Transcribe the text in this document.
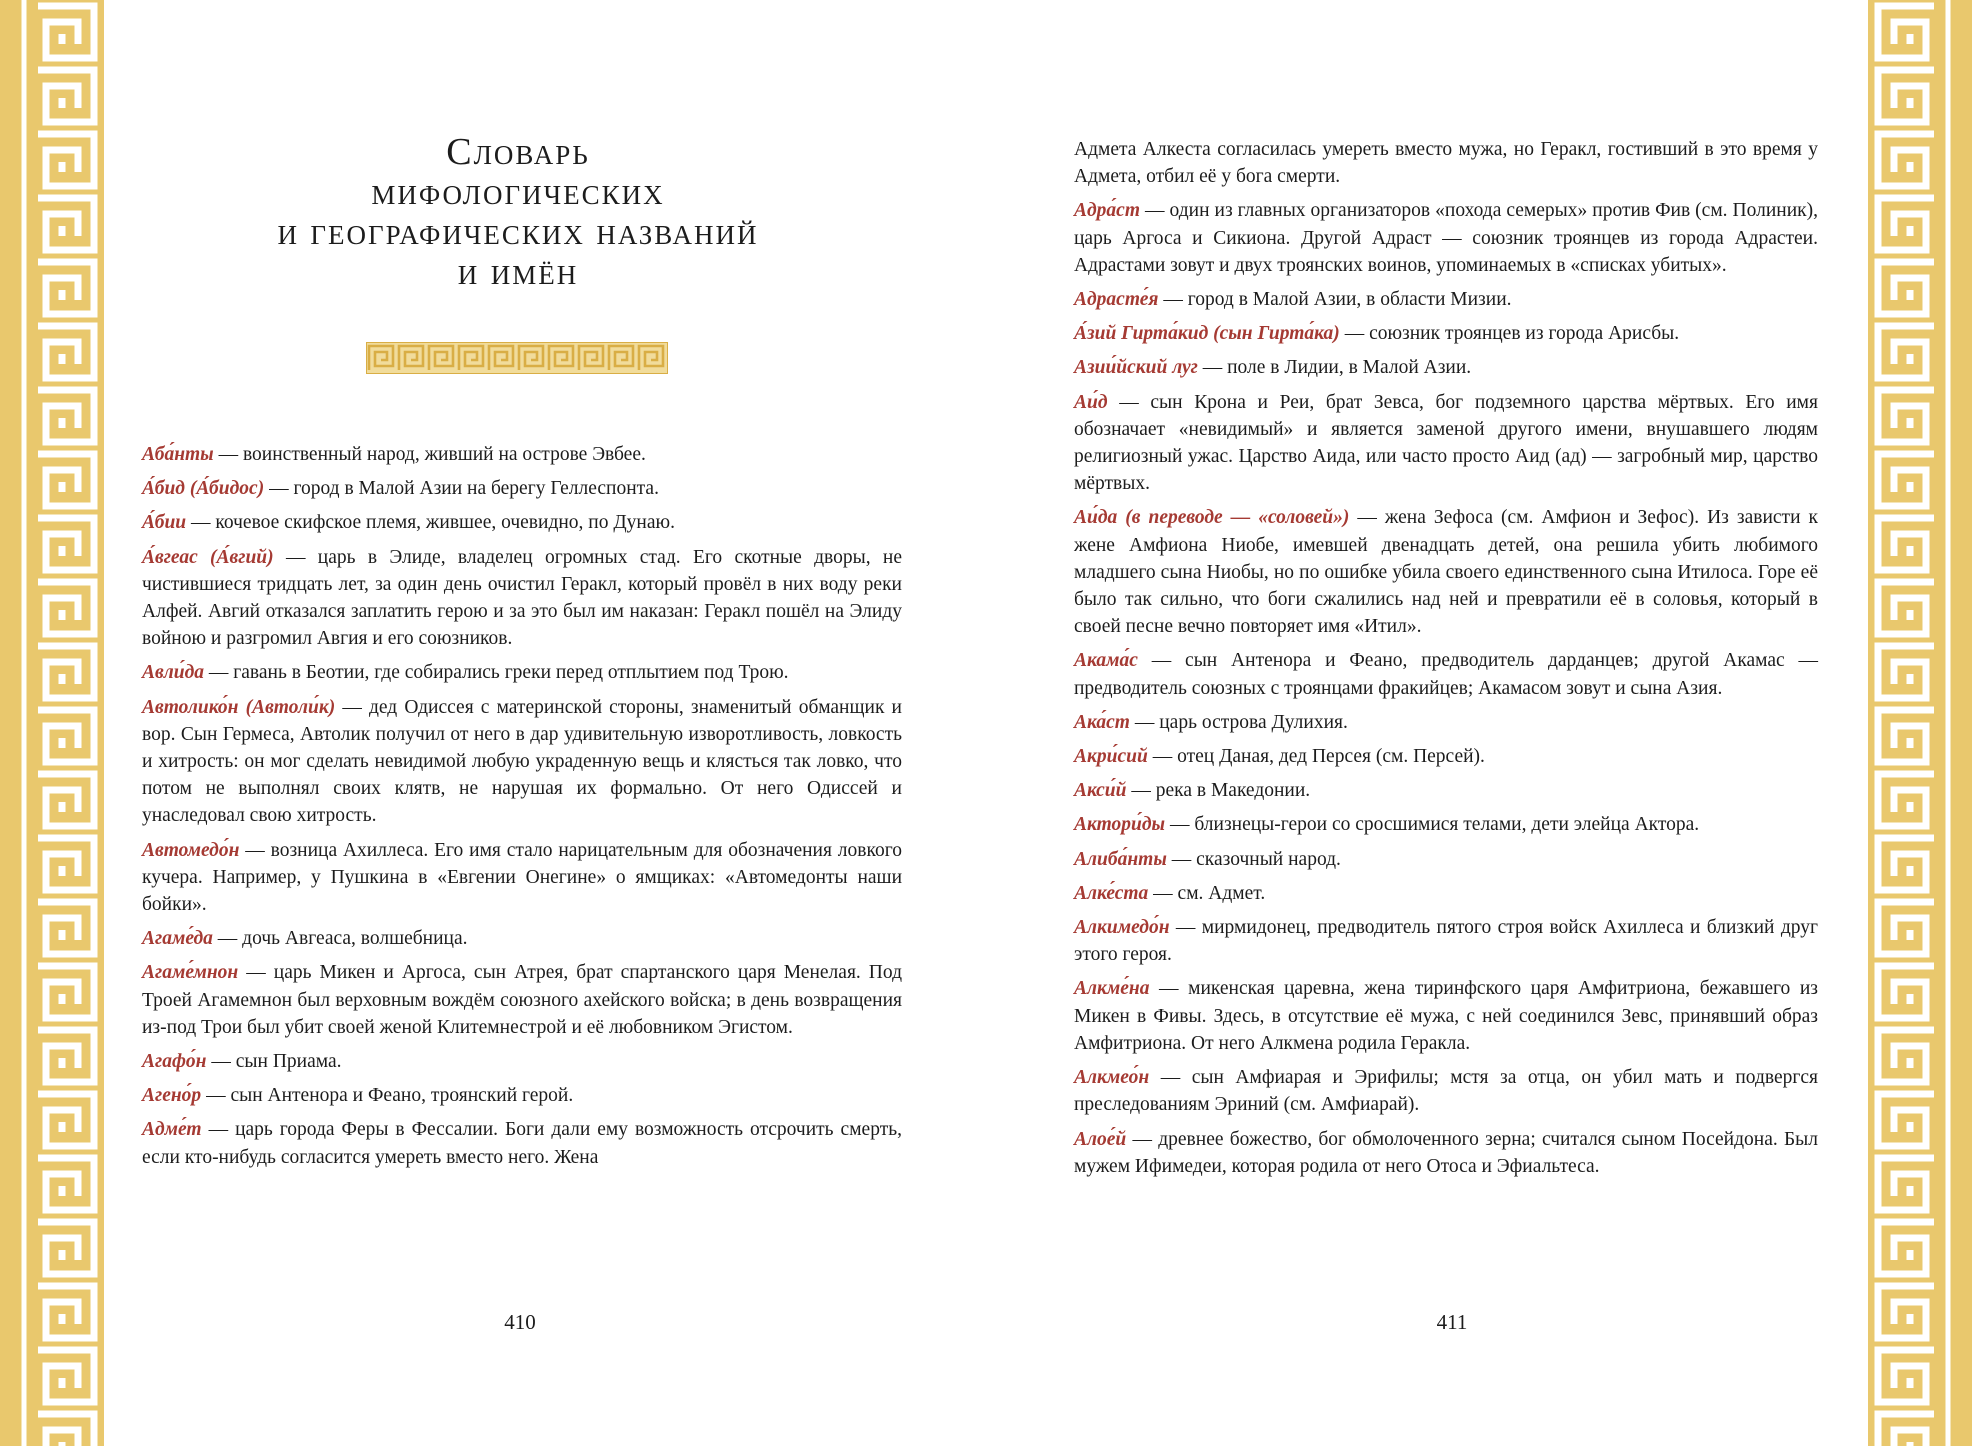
Словарь
мифологических
и географических названий
и имён

Аба́нты — воинственный народ, живший на острове Эвбее.

А́бид (А́бидос) — город в Малой Азии на берегу Геллеспонта.

А́бии — кочевое скифское племя, жившее, очевидно, по Дунаю.

А́вгеас (А́вгий) — царь в Элиде, владелец огромных стад. Его скотные дворы, не чистившиеся тридцать лет, за один день очистил Геракл, который провёл в них воду реки Алфей. Авгий отказался заплатить герою и за это был им наказан: Геракл пошёл на Элиду войною и разгромил Авгия и его союзников.

Авли́да — гавань в Беотии, где собирались греки перед отплытием под Трою.

Автолико́н (Автоли́к) — дед Одиссея с материнской стороны, знаменитый обманщик и вор. Сын Гермеса, Автолик получил от него в дар удивительную изворотливость, ловкость и хитрость: он мог сделать невидимой любую украденную вещь и клясться так ловко, что потом не выполнял своих клятв, не нарушая их формально. От него Одиссей и унаследовал свою хитрость.

Автомедо́н — возница Ахиллеса. Его имя стало нарицательным для обозначения ловкого кучера. Например, у Пушкина в «Евгении Онегине» о ямщиках: «Автомедонты наши бойки».

Агаме́да — дочь Авгеаса, волшебница.

Агаме́мнон — царь Микен и Аргоса, сын Атрея, брат спартанского царя Менелая. Под Троей Агамемнон был верховным вождём союзного ахейского войска; в день возвращения из-под Трои был убит своей женой Клитемнестрой и её любовником Эгистом.

Агафо́н — сын Приама.

Агено́р — сын Антенора и Феано, троянский герой.

Адме́т — царь города Феры в Фессалии. Боги дали ему возможность отсрочить смерть, если кто-нибудь согласится умереть вместо него. Жена

410

Адмета Алкеста согласилась умереть вместо мужа, но Геракл, гостивший в это время у Адмета, отбил её у бога смерти.

Адра́ст — один из главных организаторов «похода семерых» против Фив (см. Полиник), царь Аргоса и Сикиона. Другой Адраст — союзник троянцев из города Адрастеи. Адрастами зовут и двух троянских воинов, упоминаемых в «списках убитых».

Адрасте́я — город в Малой Азии, в области Мизии.

А́зий Гирта́кид (сын Гирта́ка) — союзник троянцев из города Арисбы.

Азии́йский луг — поле в Лидии, в Малой Азии.

Аи́д — сын Крона и Реи, брат Зевса, бог подземного царства мёртвых. Его имя обозначает «невидимый» и является заменой другого имени, внушавшего людям религиозный ужас. Царство Аида, или часто просто Аид (ад) — загробный мир, царство мёртвых.

Аи́да (в переводе — «соловей») — жена Зефоса (см. Амфион и Зефос). Из зависти к жене Амфиона Ниобе, имевшей двенадцать детей, она решила убить любимого младшего сына Ниобы, но по ошибке убила своего единственного сына Итилоса. Горе её было так сильно, что боги сжалились над ней и превратили её в соловья, который в своей песне вечно повторяет имя «Итил».

Акама́с — сын Антенора и Феано, предводитель дарданцев; другой Акамас — предводитель союзных с троянцами фракийцев; Акамасом зовут и сына Азия.

Ака́ст — царь острова Дулихия.

Акри́сий — отец Даная, дед Персея (см. Персей).

Акси́й — река в Македонии.

Актори́ды — близнецы-герои со сросшимися телами, дети элейца Актора.

Алиба́нты — сказочный народ.

Алке́ста — см. Адмет.

Алкимедо́н — мирмидонец, предводитель пятого строя войск Ахиллеса и близкий друг этого героя.

Алкме́на — микенская царевна, жена тиринфского царя Амфитриона, бежавшего из Микен в Фивы. Здесь, в отсутствие её мужа, с ней соединился Зевс, принявший образ Амфитриона. От него Алкмена родила Геракла.

Алкмео́н — сын Амфиарая и Эрифилы; мстя за отца, он убил мать и подвергся преследованиям Эриний (см. Амфиарай).

Алое́й — древнее божество, бог обмолоченного зерна; считался сыном Посейдона. Был мужем Ифимедеи, которая родила от него Отоса и Эфиальтеса.

411
